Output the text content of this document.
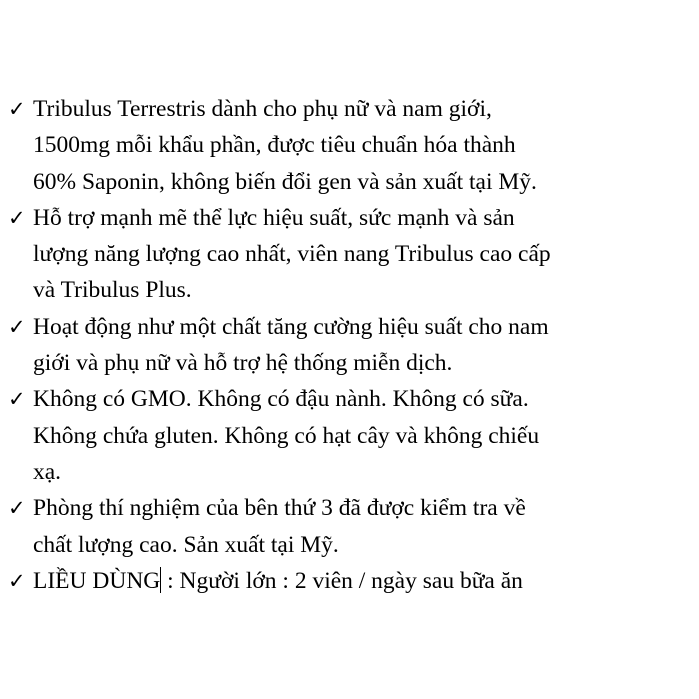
✓ Tribulus Terrestris dành cho phụ nữ và nam giới,
1500mg mỗi khẩu phần, được tiêu chuẩn hóa thành
60% Saponin, không biến đổi gen và sản xuất tại Mỹ.
✓ Hỗ trợ mạnh mẽ thể lực hiệu suất, sức mạnh và sản
lượng năng lượng cao nhất, viên nang Tribulus cao cấp
và Tribulus Plus.
✓ Hoạt động như một chất tăng cường hiệu suất cho nam
giới và phụ nữ và hỗ trợ hệ thống miễn dịch.
✓ Không có GMO. Không có đậu nành. Không có sữa.
Không chứa gluten. Không có hạt cây và không chiếu
xạ.
✓ Phòng thí nghiệm của bên thứ 3 đã được kiểm tra về
chất lượng cao. Sản xuất tại Mỹ.
✓ LIỀU DÙNG : Người lớn : 2 viên / ngày sau bữa ăn
